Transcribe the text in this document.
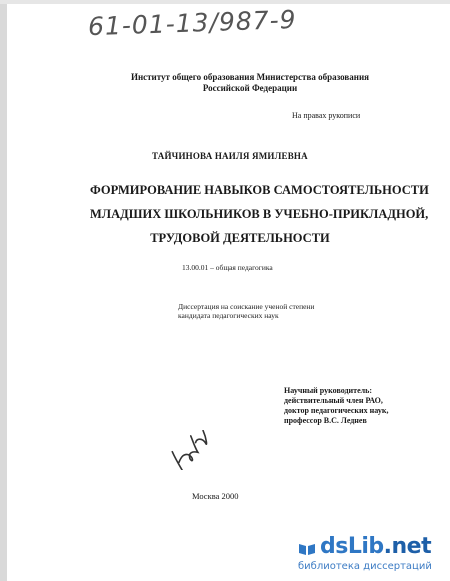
61-01-13/987-9
Институт общего образования Министерства образования
Российской Федерации
На правах рукописи
ТАЙЧИНОВА НАИЛЯ ЯМИЛЕВНА
ФОРМИРОВАНИЕ НАВЫКОВ САМОСТОЯТЕЛЬНОСТИ
МЛАДШИХ ШКОЛЬНИКОВ В УЧЕБНО-ПРИКЛАДНОЙ,
ТРУДОВОЙ ДЕЯТЕЛЬНОСТИ
13.00.01 – общая педагогика
Диссертация на соискание ученой степени
кандидата педагогических наук
Научный руководитель:
действительный член РАО,
доктор педагогических наук,
профессор В.С. Леднев
Москва 2000
dsLib.net
библиотека диссертаций
